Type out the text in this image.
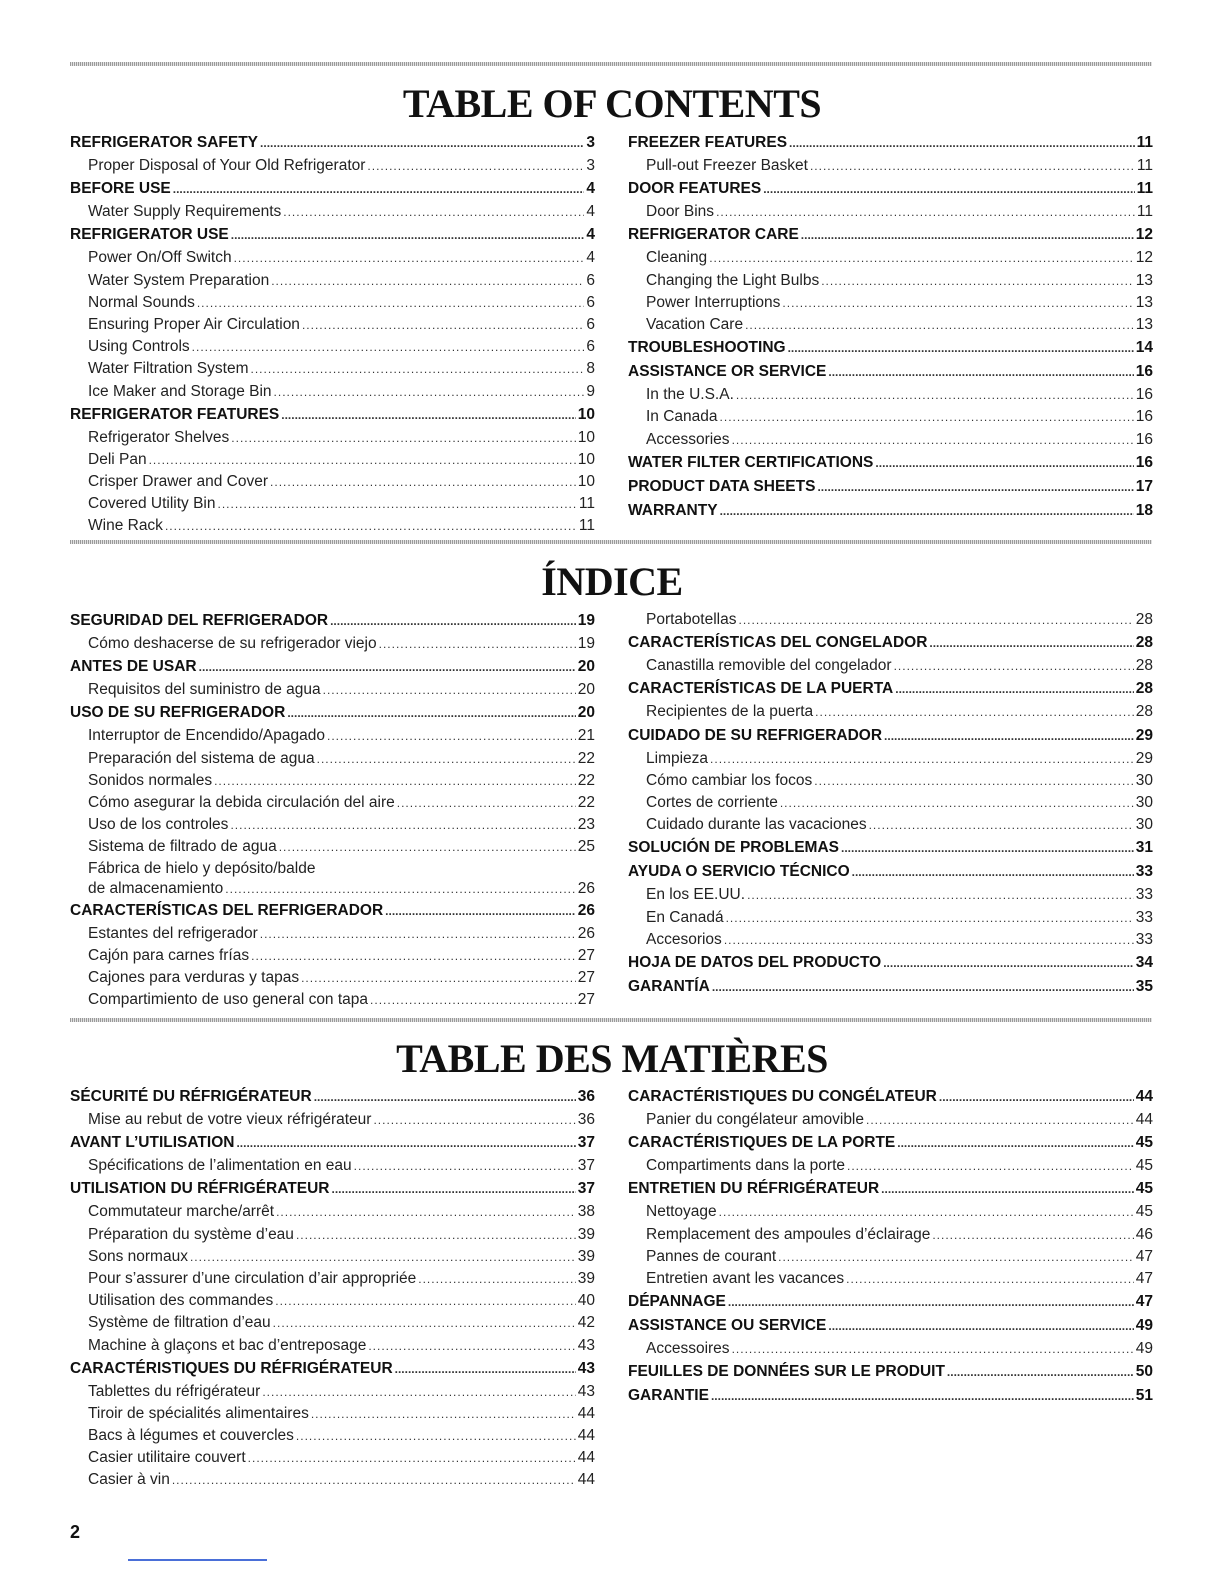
TABLE OF CONTENTS
REFRIGERATOR SAFETY .....	3
Proper Disposal of Your Old Refrigerator .....	3
BEFORE USE .....	4
Water Supply Requirements .....	4
REFRIGERATOR USE .....	4
Power On/Off Switch .....	4
Water System Preparation .....	6
Normal Sounds .....	6
Ensuring Proper Air Circulation .....	6
Using Controls .....	6
Water Filtration System .....	8
Ice Maker and Storage Bin .....	9
REFRIGERATOR FEATURES .....	10
Refrigerator Shelves .....	10
Deli Pan .....	10
Crisper Drawer and Cover .....	10
Covered Utility Bin .....	11
Wine Rack .....	11
FREEZER FEATURES .....	11
Pull-out Freezer Basket .....	11
DOOR FEATURES .....	11
Door Bins .....	11
REFRIGERATOR CARE .....	12
Cleaning .....	12
Changing the Light Bulbs .....	13
Power Interruptions .....	13
Vacation Care .....	13
TROUBLESHOOTING .....	14
ASSISTANCE OR SERVICE .....	16
In the U.S.A. .....	16
In Canada .....	16
Accessories .....	16
WATER FILTER CERTIFICATIONS .....	16
PRODUCT DATA SHEETS .....	17
WARRANTY .....	18
ÍNDICE
SEGURIDAD DEL REFRIGERADOR .....	19
Cómo deshacerse de su refrigerador viejo .....	19
ANTES DE USAR .....	20
Requisitos del suministro de agua .....	20
USO DE SU REFRIGERADOR .....	20
Interruptor de Encendido/Apagado .....	21
Preparación del sistema de agua .....	22
Sonidos normales .....	22
Cómo asegurar la debida circulación del aire .....	22
Uso de los controles .....	23
Sistema de filtrado de agua .....	25
Fábrica de hielo y depósito/balde
de almacenamiento .....	26
CARACTERÍSTICAS DEL REFRIGERADOR .....	26
Estantes del refrigerador .....	26
Cajón para carnes frías .....	27
Cajones para verduras y tapas .....	27
Compartimiento de uso general con tapa .....	27
Portabotellas .....	28
CARACTERÍSTICAS DEL CONGELADOR .....	28
Canastilla removible del congelador .....	28
CARACTERÍSTICAS DE LA PUERTA .....	28
Recipientes de la puerta .....	28
CUIDADO DE SU REFRIGERADOR .....	29
Limpieza .....	29
Cómo cambiar los focos .....	30
Cortes de corriente .....	30
Cuidado durante las vacaciones .....	30
SOLUCIÓN DE PROBLEMAS .....	31
AYUDA O SERVICIO TÉCNICO .....	33
En los EE.UU. .....	33
En Canadá .....	33
Accesorios .....	33
HOJA DE DATOS DEL PRODUCTO .....	34
GARANTÍA .....	35
TABLE DES MATIÈRES
SÉCURITÉ DU RÉFRIGÉRATEUR .....	36
Mise au rebut de votre vieux réfrigérateur .....	36
AVANT L’UTILISATION .....	37
Spécifications de l’alimentation en eau .....	37
UTILISATION DU RÉFRIGÉRATEUR .....	37
Commutateur marche/arrêt .....	38
Préparation du système d’eau .....	39
Sons normaux .....	39
Pour s’assurer d’une circulation d’air appropriée .....	39
Utilisation des commandes .....	40
Système de filtration d’eau .....	42
Machine à glaçons et bac d’entreposage .....	43
CARACTÉRISTIQUES DU RÉFRIGÉRATEUR .....	43
Tablettes du réfrigérateur .....	43
Tiroir de spécialités alimentaires .....	44
Bacs à légumes et couvercles .....	44
Casier utilitaire couvert .....	44
Casier à vin .....	44
CARACTÉRISTIQUES DU CONGÉLATEUR .....	44
Panier du congélateur amovible .....	44
CARACTÉRISTIQUES DE LA PORTE .....	45
Compartiments dans la porte .....	45
ENTRETIEN DU RÉFRIGÉRATEUR .....	45
Nettoyage .....	45
Remplacement des ampoules d’éclairage .....	46
Pannes de courant .....	47
Entretien avant les vacances .....	47
DÉPANNAGE .....	47
ASSISTANCE OU SERVICE .....	49
Accessoires .....	49
FEUILLES DE DONNÉES SUR LE PRODUIT .....	50
GARANTIE .....	51
2
